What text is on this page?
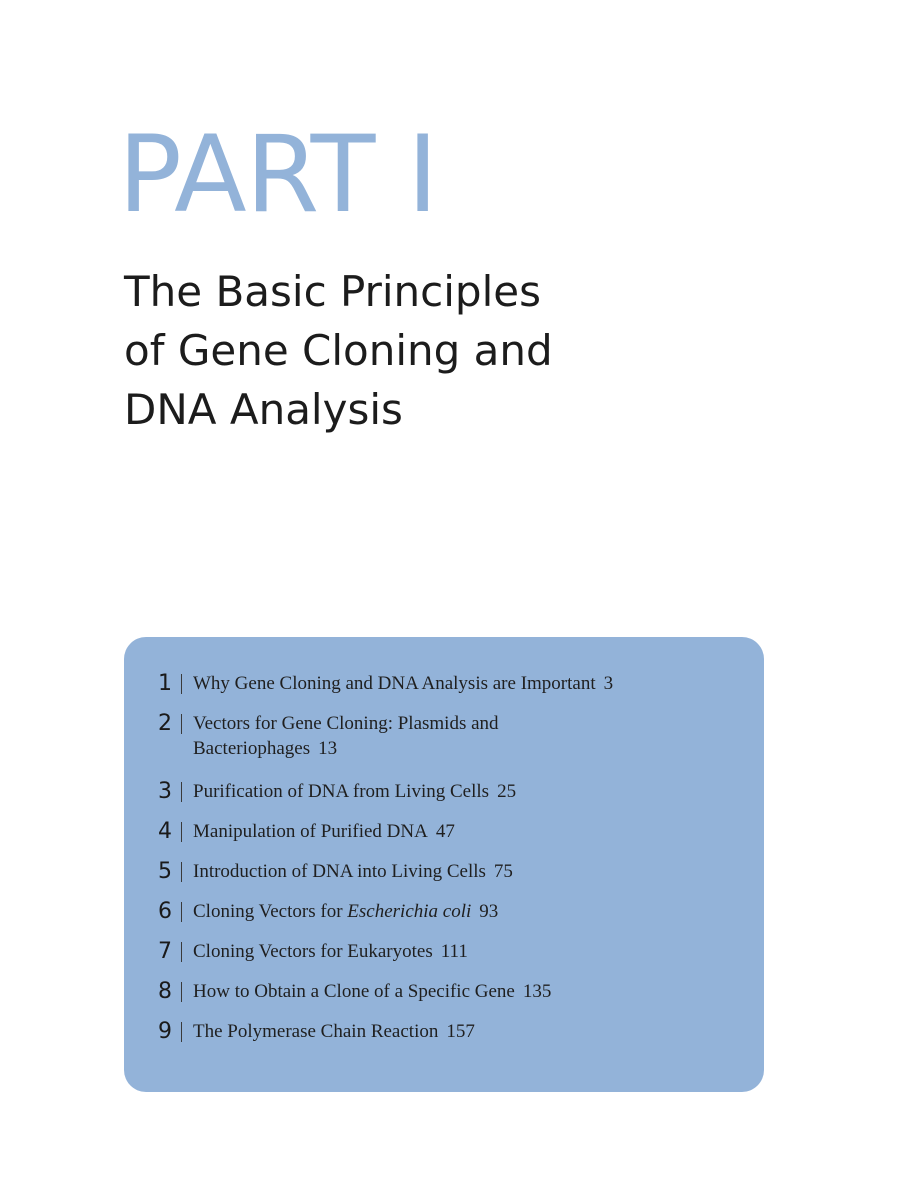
PART I
The Basic Principles
of Gene Cloning and
DNA Analysis
1 Why Gene Cloning and DNA Analysis are Important 3
2 Vectors for Gene Cloning: Plasmids and
Bacteriophages 13
3 Purification of DNA from Living Cells 25
4 Manipulation of Purified DNA 47
5 Introduction of DNA into Living Cells 75
6 Cloning Vectors for Escherichia coli 93
7 Cloning Vectors for Eukaryotes 111
8 How to Obtain a Clone of a Specific Gene 135
9 The Polymerase Chain Reaction 157
